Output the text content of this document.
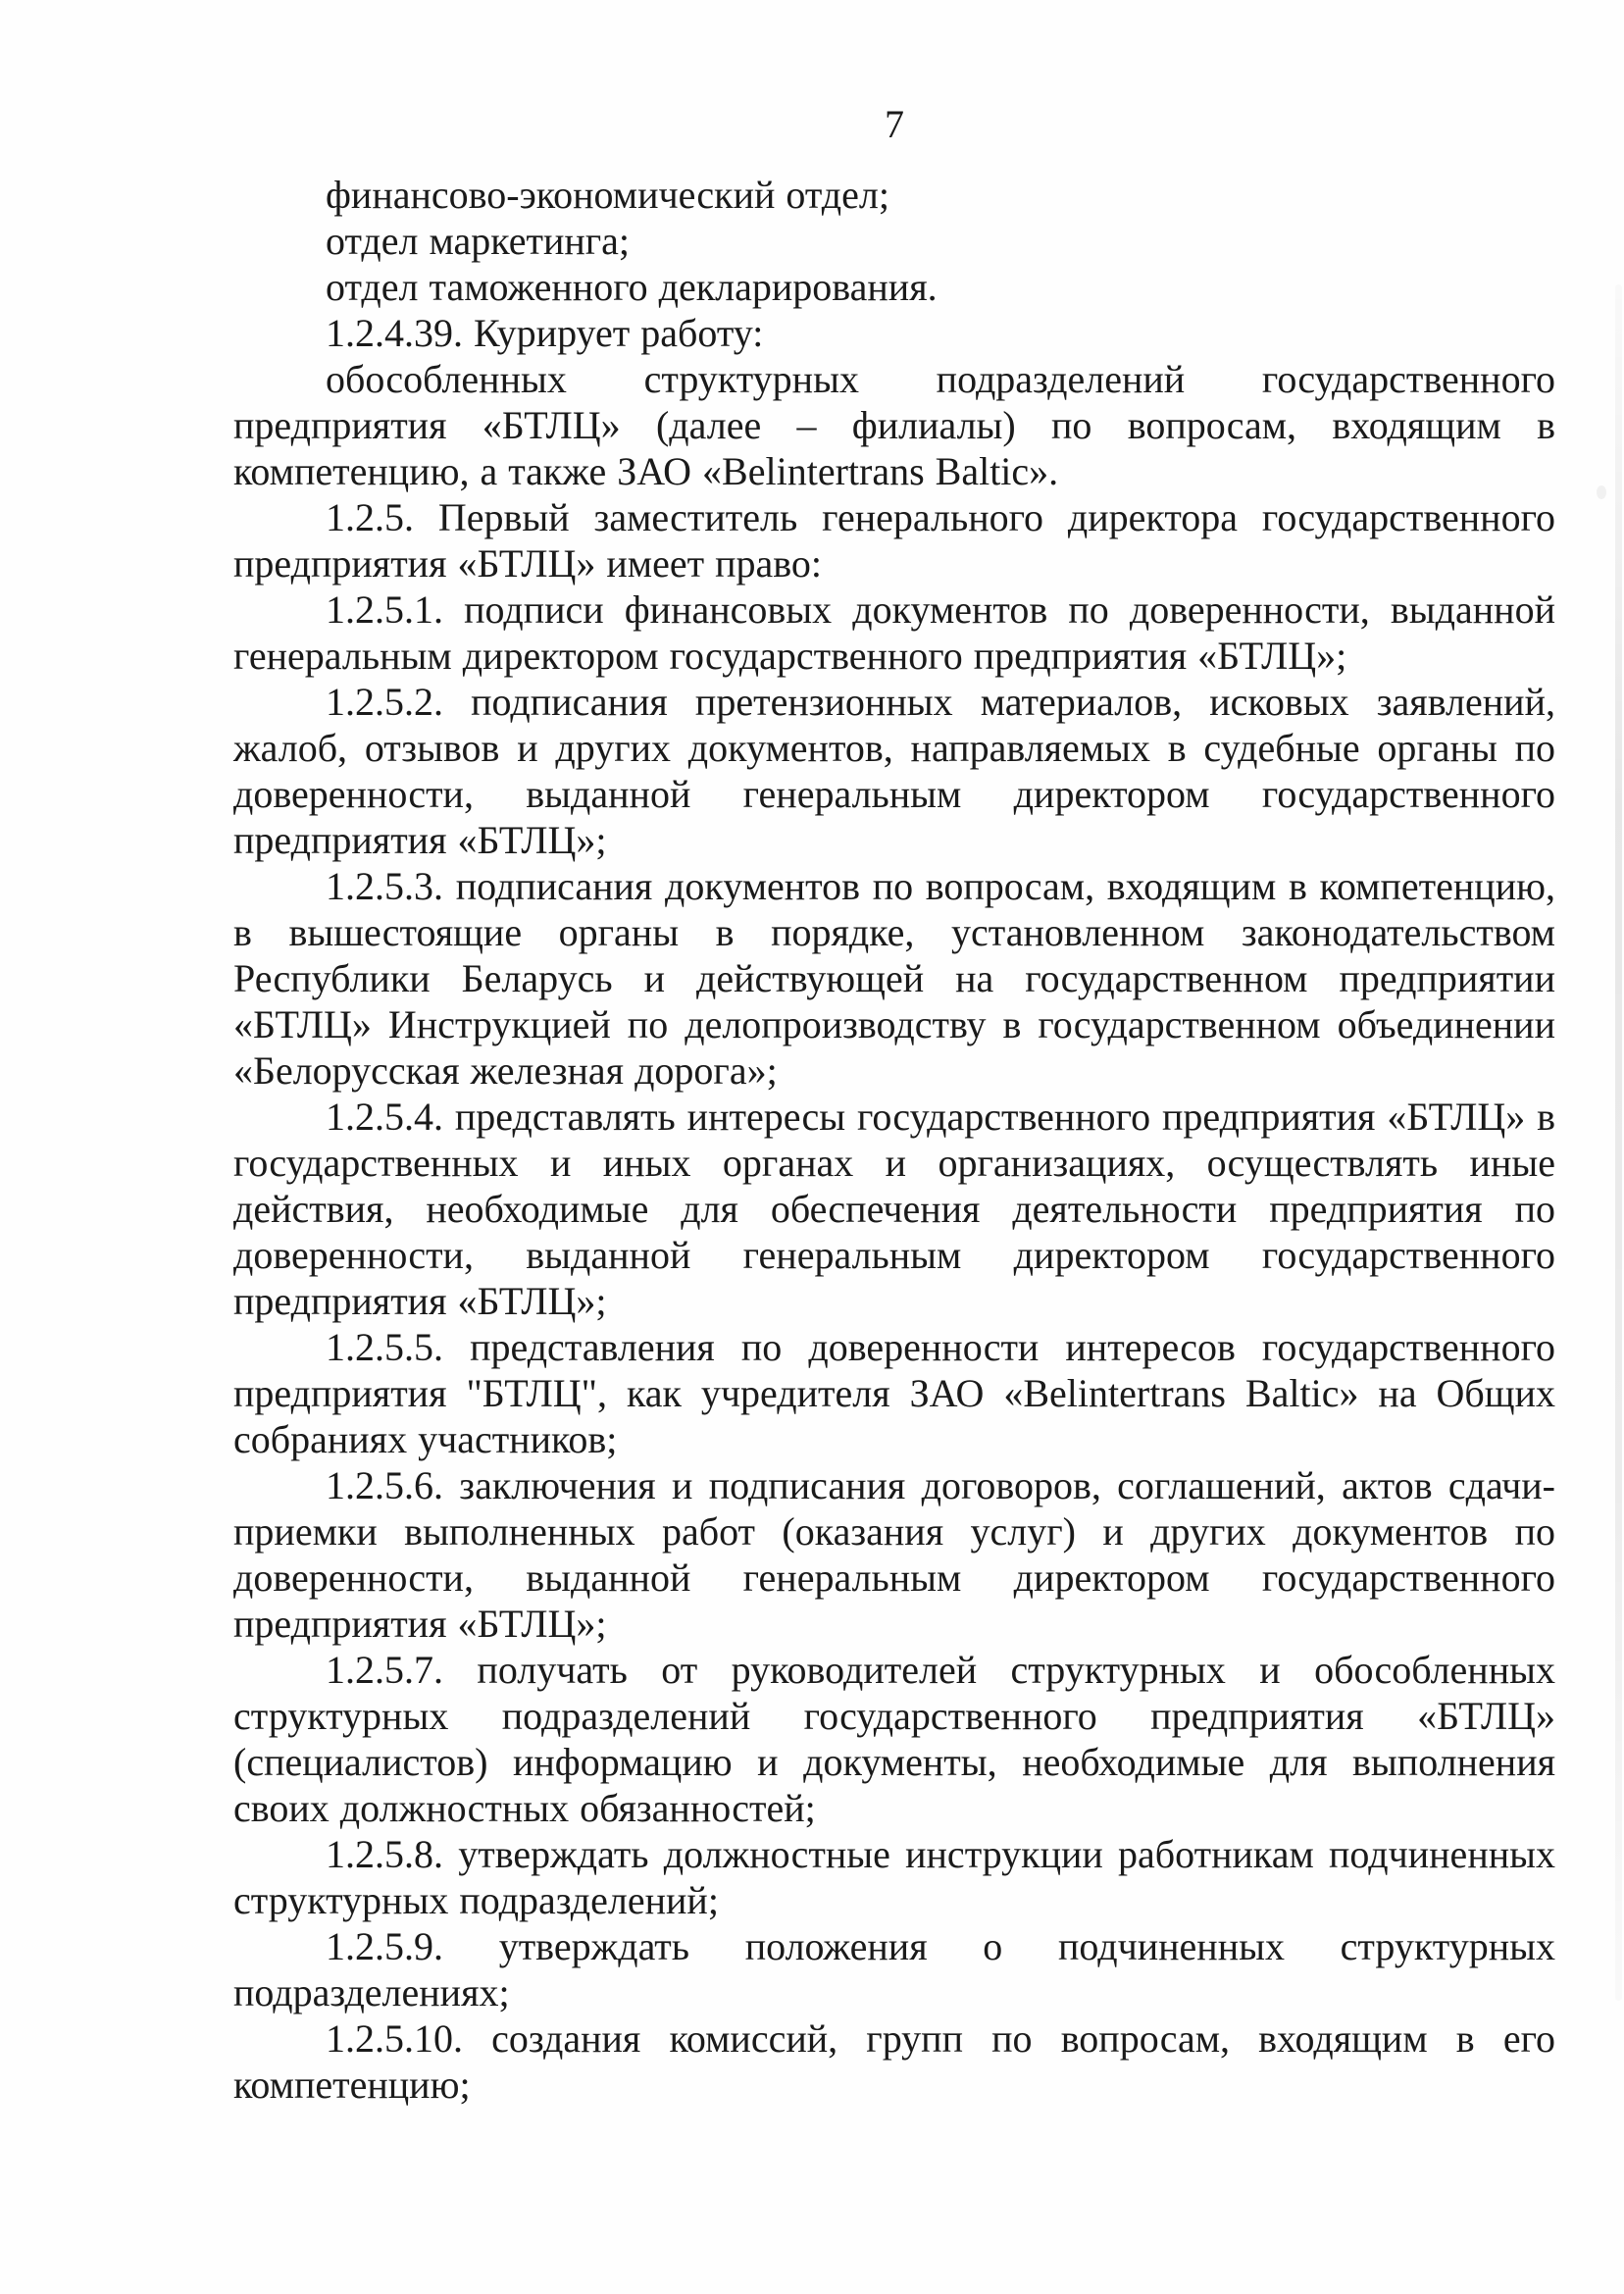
7

финансово-экономический отдел;

отдел маркетинга;

отдел таможенного декларирования.

1.2.4.39. Курирует работу:

обособленных структурных подразделений государственного предприятия «БТЛЦ» (далее – филиалы) по вопросам, входящим в компетенцию, а также ЗАО «Belintertrans Baltic».

1.2.5. Первый заместитель генерального директора государственного предприятия «БТЛЦ» имеет право:

1.2.5.1. подписи финансовых документов по доверенности, выданной генеральным директором государственного предприятия «БТЛЦ»;

1.2.5.2. подписания претензионных материалов, исковых заявлений, жалоб, отзывов и других документов, направляемых в судебные органы по доверенности, выданной генеральным директором государственного предприятия «БТЛЦ»;

1.2.5.3. подписания документов по вопросам, входящим в компетенцию, в вышестоящие органы в порядке, установленном законодательством Республики Беларусь и действующей на государственном предприятии «БТЛЦ» Инструкцией по делопроизводству в государственном объединении «Белорусская железная дорога»;

1.2.5.4. представлять интересы государственного предприятия «БТЛЦ» в государственных и иных органах и организациях, осуществлять иные действия, необходимые для обеспечения деятельности предприятия по доверенности, выданной генеральным директором государственного предприятия «БТЛЦ»;

1.2.5.5. представления по доверенности интересов государственного предприятия "БТЛЦ", как учредителя ЗАО «Belintertrans Baltic» на Общих собраниях участников;

1.2.5.6. заключения и подписания договоров, соглашений, актов сдачи-приемки выполненных работ (оказания услуг) и других документов по доверенности, выданной генеральным директором государственного предприятия «БТЛЦ»;

1.2.5.7. получать от руководителей структурных и обособленных структурных подразделений государственного предприятия «БТЛЦ» (специалистов) информацию и документы, необходимые для выполнения своих должностных обязанностей;

1.2.5.8. утверждать должностные инструкции работникам подчиненных структурных подразделений;

1.2.5.9. утверждать положения о подчиненных структурных подразделениях;

1.2.5.10. создания комиссий, групп по вопросам, входящим в его компетенцию;
